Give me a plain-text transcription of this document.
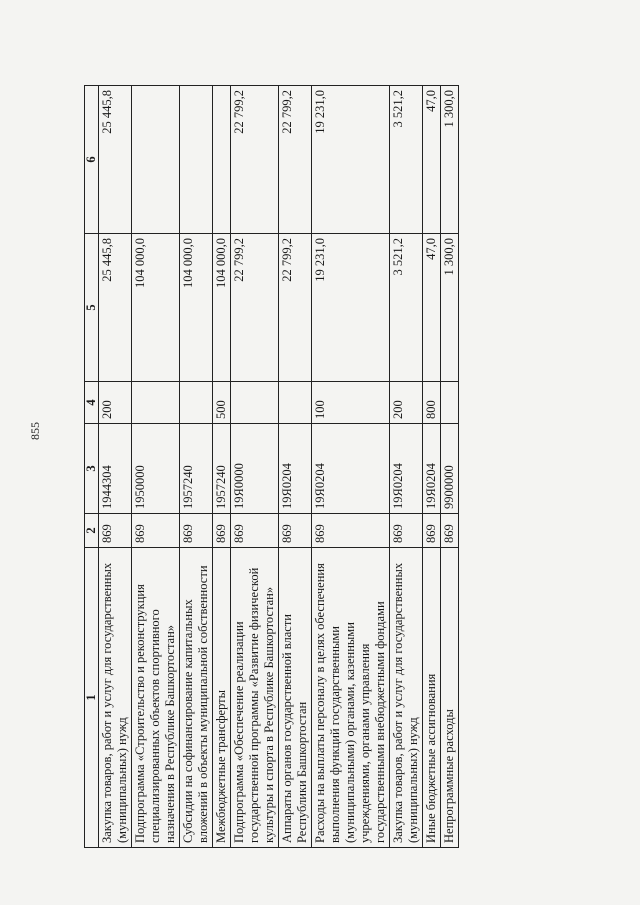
855
1	2	3	4	5	6
Закупка товаров, работ и услуг для государственных (муниципальных) нужд	869	1944304	200	25 445,8	25 445,8
Подпрограмма «Строительство и реконструкция специализированных объектов спортивного назначения в Республике Башкортостан»	869	1950000		104 000,0	
Субсидии на софинансирование капитальных вложений в объекты муниципальной собственности	869	1957240		104 000,0	
Межбюджетные трансферты	869	1957240	500	104 000,0	
Подпрограмма «Обеспечение реализации государственной программы «Развитие физической культуры и спорта в Республике Башкортостан»	869	19Я0000		22 799,2	22 799,2
Аппараты органов государственной власти Республики Башкортостан	869	19Я0204		22 799,2	22 799,2
Расходы на выплаты персоналу в целях обеспечения выполнения функций государственными (муниципальными) органами, казенными учреждениями, органами управления государственными внебюджетными фондами	869	19Я0204	100	19 231,0	19 231,0
Закупка товаров, работ и услуг для государственных (муниципальных) нужд	869	19Я0204	200	3 521,2	3 521,2
Иные бюджетные ассигнования	869	19Я0204	800	47,0	47,0
Непрограммные расходы	869	9900000		1 300,0	1 300,0
